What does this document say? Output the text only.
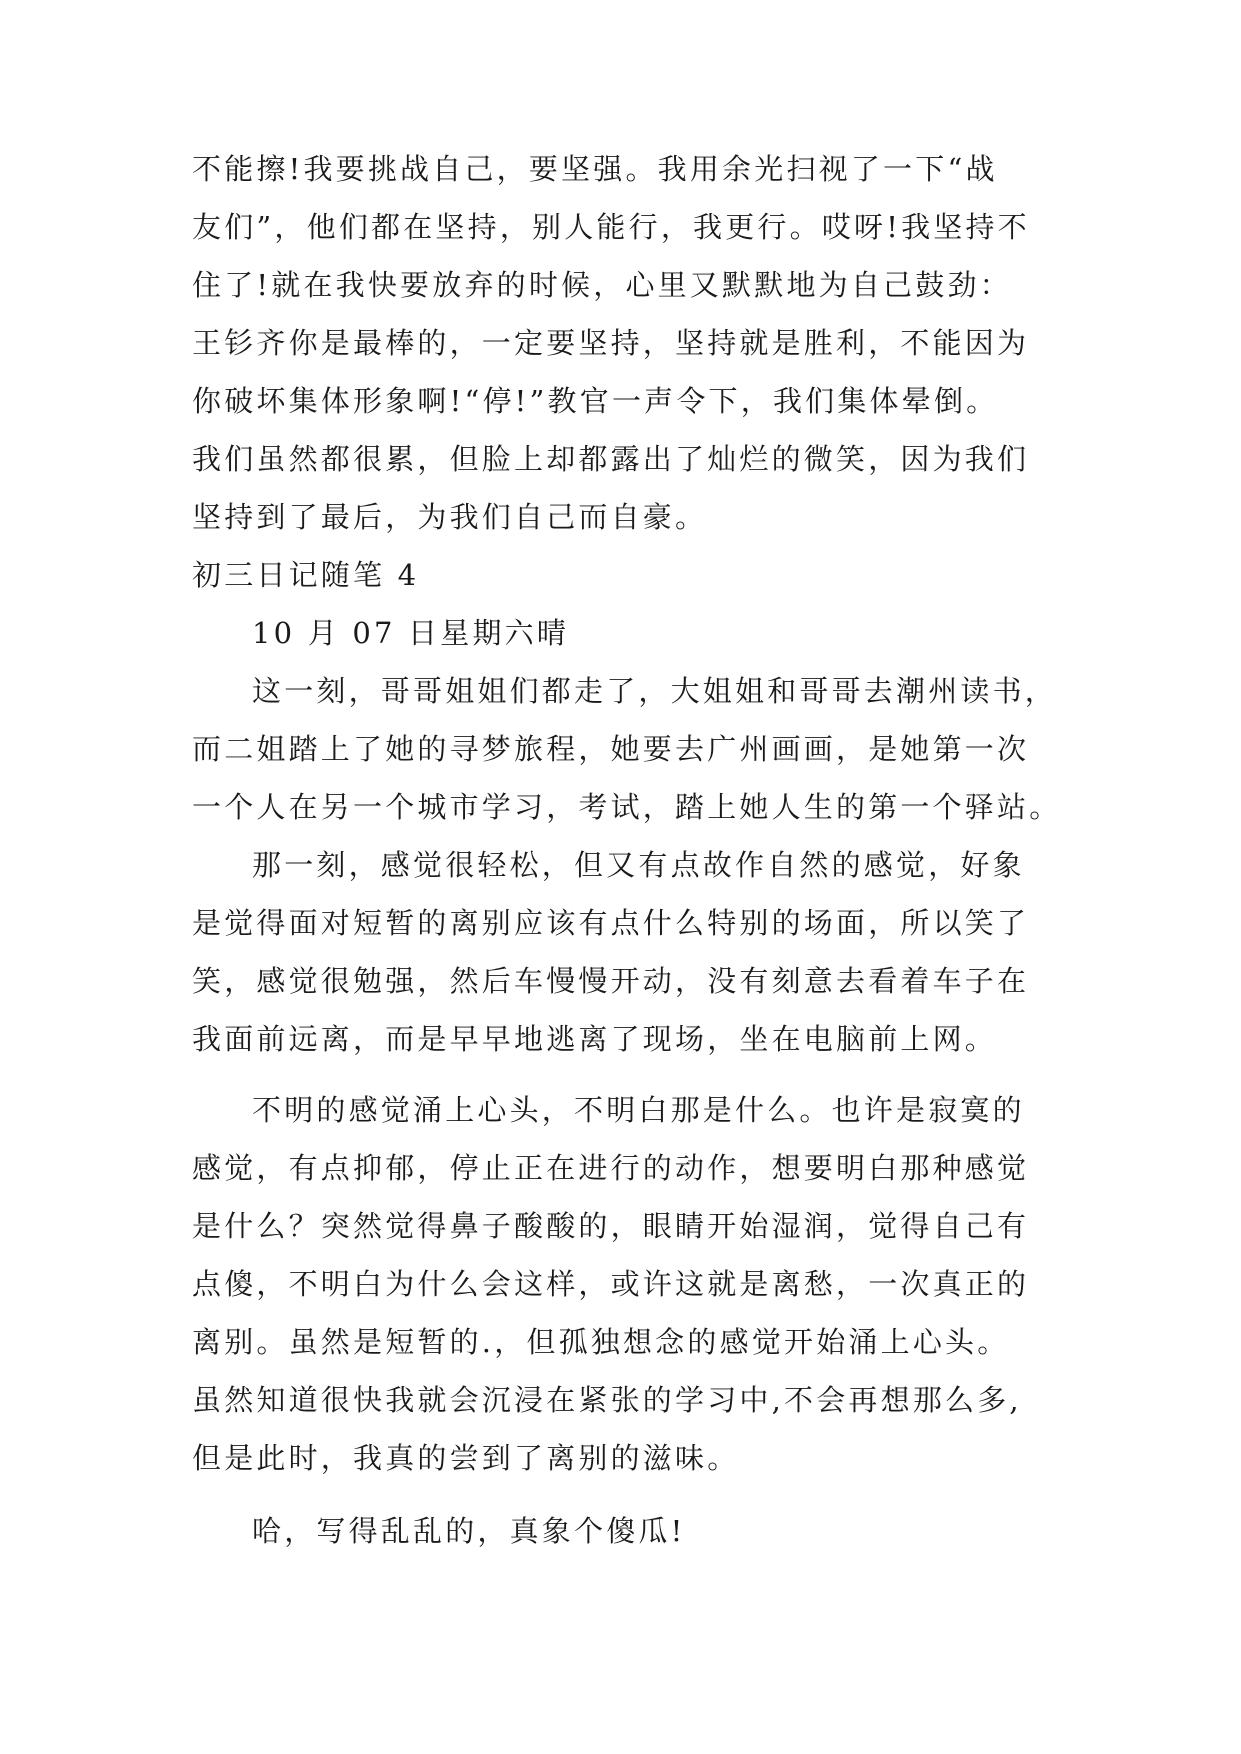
不能擦!我要挑战自己，要坚强。我用余光扫视了一下“战
友们”，他们都在坚持，别人能行，我更行。哎呀!我坚持不
住了!就在我快要放弃的时候，心里又默默地为自己鼓劲：
王钐齐你是最棒的，一定要坚持，坚持就是胜利，不能因为
你破坏集体形象啊!“停!”教官一声令下，我们集体晕倒。
我们虽然都很累，但脸上却都露出了灿烂的微笑，因为我们
坚持到了最后，为我们自己而自豪。
初三日记随笔 4
10 月 07 日星期六晴
这一刻，哥哥姐姐们都走了，大姐姐和哥哥去潮州读书，
而二姐踏上了她的寻梦旅程，她要去广州画画，是她第一次
一个人在另一个城市学习，考试，踏上她人生的第一个驿站。
那一刻，感觉很轻松，但又有点故作自然的感觉，好象
是觉得面对短暂的离别应该有点什么特别的场面，所以笑了
笑，感觉很勉强，然后车慢慢开动，没有刻意去看着车子在
我面前远离，而是早早地逃离了现场，坐在电脑前上网。
不明的感觉涌上心头，不明白那是什么。也许是寂寞的
感觉，有点抑郁，停止正在进行的动作，想要明白那种感觉
是什么？突然觉得鼻子酸酸的，眼睛开始湿润，觉得自己有
点傻，不明白为什么会这样，或许这就是离愁，一次真正的
离别。虽然是短暂的.，但孤独想念的感觉开始涌上心头。
虽然知道很快我就会沉浸在紧张的学习中,不会再想那么多,
但是此时，我真的尝到了离别的滋味。
哈，写得乱乱的，真象个傻瓜!
